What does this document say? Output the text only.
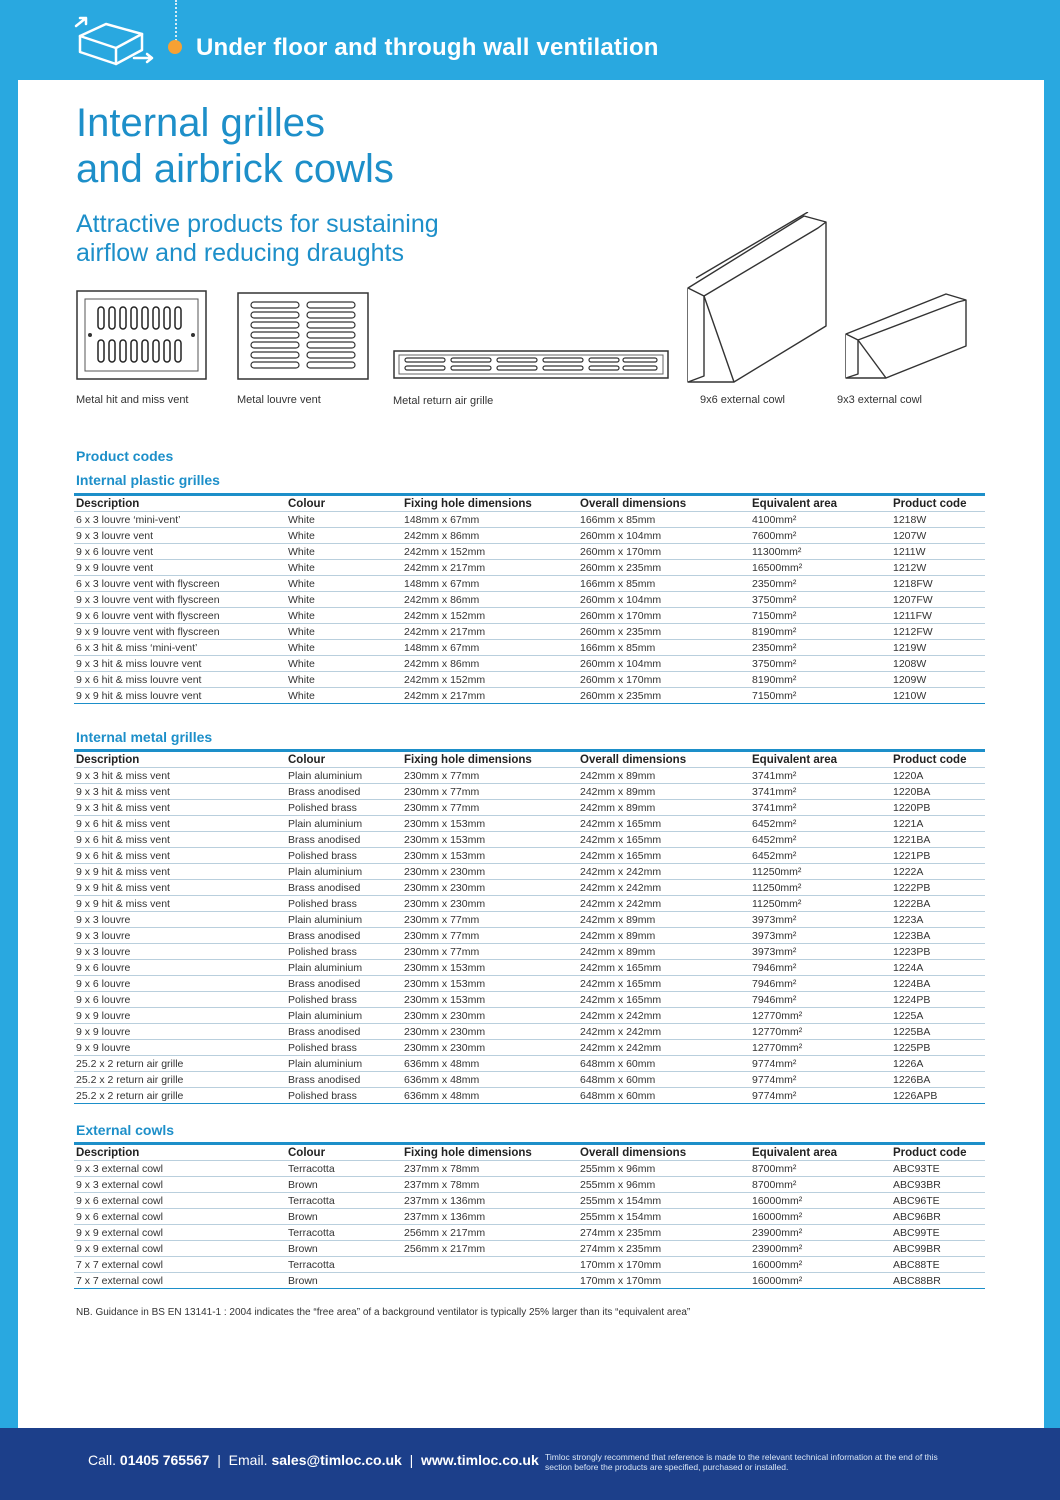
Under floor and through wall ventilation
Internal grilles
and airbrick cowls
Attractive products for sustaining
airflow and reducing draughts
Metal hit and miss vent	Metal louvre vent	Metal return air grille	9x6 external cowl	9x3 external cowl
Product codes
Internal plastic grilles
Description	Colour	Fixing hole dimensions	Overall dimensions	Equivalent area	Product code
6 x 3 louvre ‘mini-vent’	White	148mm x 67mm	166mm x 85mm	4100mm²	1218W
9 x 3 louvre vent	White	242mm x 86mm	260mm x 104mm	7600mm²	1207W
9 x 6 louvre vent	White	242mm x 152mm	260mm x 170mm	11300mm²	1211W
9 x 9 louvre vent	White	242mm x 217mm	260mm x 235mm	16500mm²	1212W
6 x 3 louvre vent with flyscreen	White	148mm x 67mm	166mm x 85mm	2350mm²	1218FW
9 x 3 louvre vent with flyscreen	White	242mm x 86mm	260mm x 104mm	3750mm²	1207FW
9 x 6 louvre vent with flyscreen	White	242mm x 152mm	260mm x 170mm	7150mm²	1211FW
9 x 9 louvre vent with flyscreen	White	242mm x 217mm	260mm x 235mm	8190mm²	1212FW
6 x 3 hit & miss ‘mini-vent’	White	148mm x 67mm	166mm x 85mm	2350mm²	1219W
9 x 3 hit & miss louvre vent	White	242mm x 86mm	260mm x 104mm	3750mm²	1208W
9 x 6 hit & miss louvre vent	White	242mm x 152mm	260mm x 170mm	8190mm²	1209W
9 x 9 hit & miss louvre vent	White	242mm x 217mm	260mm x 235mm	7150mm²	1210W
Internal metal grilles
Description	Colour	Fixing hole dimensions	Overall dimensions	Equivalent area	Product code
9 x 3 hit & miss vent	Plain aluminium	230mm x 77mm	242mm x 89mm	3741mm²	1220A
9 x 3 hit & miss vent	Brass anodised	230mm x 77mm	242mm x 89mm	3741mm²	1220BA
9 x 3 hit & miss vent	Polished brass	230mm x 77mm	242mm x 89mm	3741mm²	1220PB
9 x 6 hit & miss vent	Plain aluminium	230mm x 153mm	242mm x 165mm	6452mm²	1221A
9 x 6 hit & miss vent	Brass anodised	230mm x 153mm	242mm x 165mm	6452mm²	1221BA
9 x 6 hit & miss vent	Polished brass	230mm x 153mm	242mm x 165mm	6452mm²	1221PB
9 x 9 hit & miss vent	Plain aluminium	230mm x 230mm	242mm x 242mm	11250mm²	1222A
9 x 9 hit & miss vent	Brass anodised	230mm x 230mm	242mm x 242mm	11250mm²	1222PB
9 x 9 hit & miss vent	Polished brass	230mm x 230mm	242mm x 242mm	11250mm²	1222BA
9 x 3 louvre	Plain aluminium	230mm x 77mm	242mm x 89mm	3973mm²	1223A
9 x 3 louvre	Brass anodised	230mm x 77mm	242mm x 89mm	3973mm²	1223BA
9 x 3 louvre	Polished brass	230mm x 77mm	242mm x 89mm	3973mm²	1223PB
9 x 6 louvre	Plain aluminium	230mm x 153mm	242mm x 165mm	7946mm²	1224A
9 x 6 louvre	Brass anodised	230mm x 153mm	242mm x 165mm	7946mm²	1224BA
9 x 6 louvre	Polished brass	230mm x 153mm	242mm x 165mm	7946mm²	1224PB
9 x 9 louvre	Plain aluminium	230mm x 230mm	242mm x 242mm	12770mm²	1225A
9 x 9 louvre	Brass anodised	230mm x 230mm	242mm x 242mm	12770mm²	1225BA
9 x 9 louvre	Polished brass	230mm x 230mm	242mm x 242mm	12770mm²	1225PB
25.2 x 2 return air grille	Plain aluminium	636mm x 48mm	648mm x 60mm	9774mm²	1226A
25.2 x 2 return air grille	Brass anodised	636mm x 48mm	648mm x 60mm	9774mm²	1226BA
25.2 x 2 return air grille	Polished brass	636mm x 48mm	648mm x 60mm	9774mm²	1226APB
External cowls
Description	Colour	Fixing hole dimensions	Overall dimensions	Equivalent area	Product code
9 x 3 external cowl	Terracotta	237mm x 78mm	255mm x 96mm	8700mm²	ABC93TE
9 x 3 external cowl	Brown	237mm x 78mm	255mm x 96mm	8700mm²	ABC93BR
9 x 6 external cowl	Terracotta	237mm x 136mm	255mm x 154mm	16000mm²	ABC96TE
9 x 6 external cowl	Brown	237mm x 136mm	255mm x 154mm	16000mm²	ABC96BR
9 x 9 external cowl	Terracotta	256mm x 217mm	274mm x 235mm	23900mm²	ABC99TE
9 x 9 external cowl	Brown	256mm x 217mm	274mm x 235mm	23900mm²	ABC99BR
7 x 7 external cowl	Terracotta		170mm x 170mm	16000mm²	ABC88TE
7 x 7 external cowl	Brown		170mm x 170mm	16000mm²	ABC88BR
NB. Guidance in BS EN 13141-1 : 2004 indicates the “free area” of a background ventilator is typically 25% larger than its “equivalent area”
Call. 01405 765567 | Email. sales@timloc.co.uk | www.timloc.co.uk Timloc strongly recommend that reference is made to the relevant technical information at the end of this section before the products are specified, purchased or installed.
